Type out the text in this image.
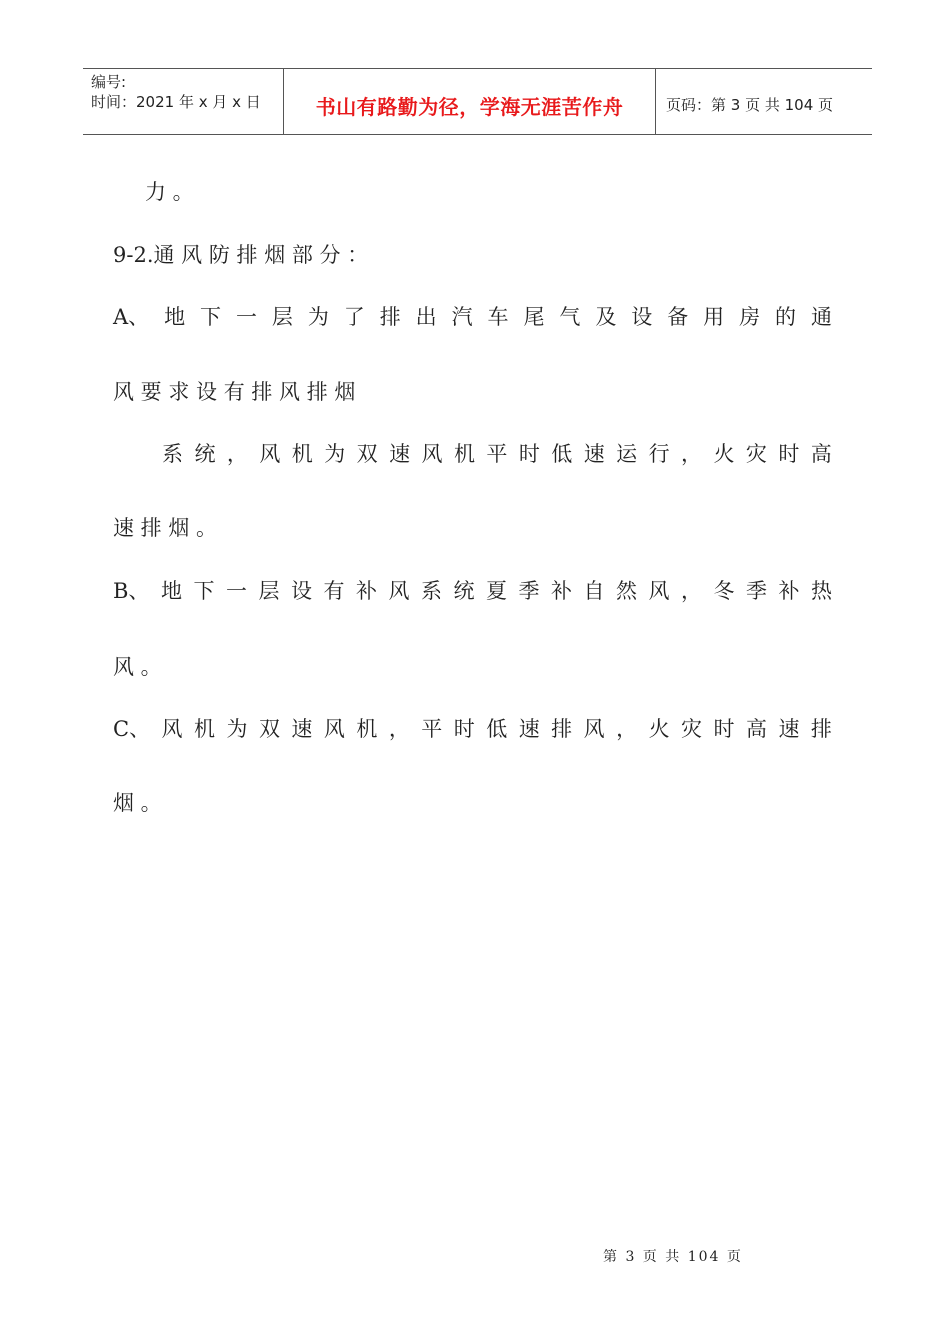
编号:
时间：2021 年 x 月 x 日	书山有路勤为径，学海无涯苦作舟	页码：第 3 页 共 104 页
力 。
9-2.通 风 防 排 烟 部 分 ：
A、 地 下 一 层 为 了 排 出 汽 车 尾 气 及 设 备 用 房 的 通
风 要 求 设 有 排 风 排 烟
系 统 ， 风 机 为 双 速 风 机 平 时 低 速 运 行 ， 火 灾 时 高
速 排 烟 。
B、 地 下 一 层 设 有 补 风 系 统 夏 季 补 自 然 风 ， 冬 季 补 热
风 。
C、 风 机 为 双 速 风 机 ， 平 时 低 速 排 风 ， 火 灾 时 高 速 排
烟 。
第 3 页 共 104 页
